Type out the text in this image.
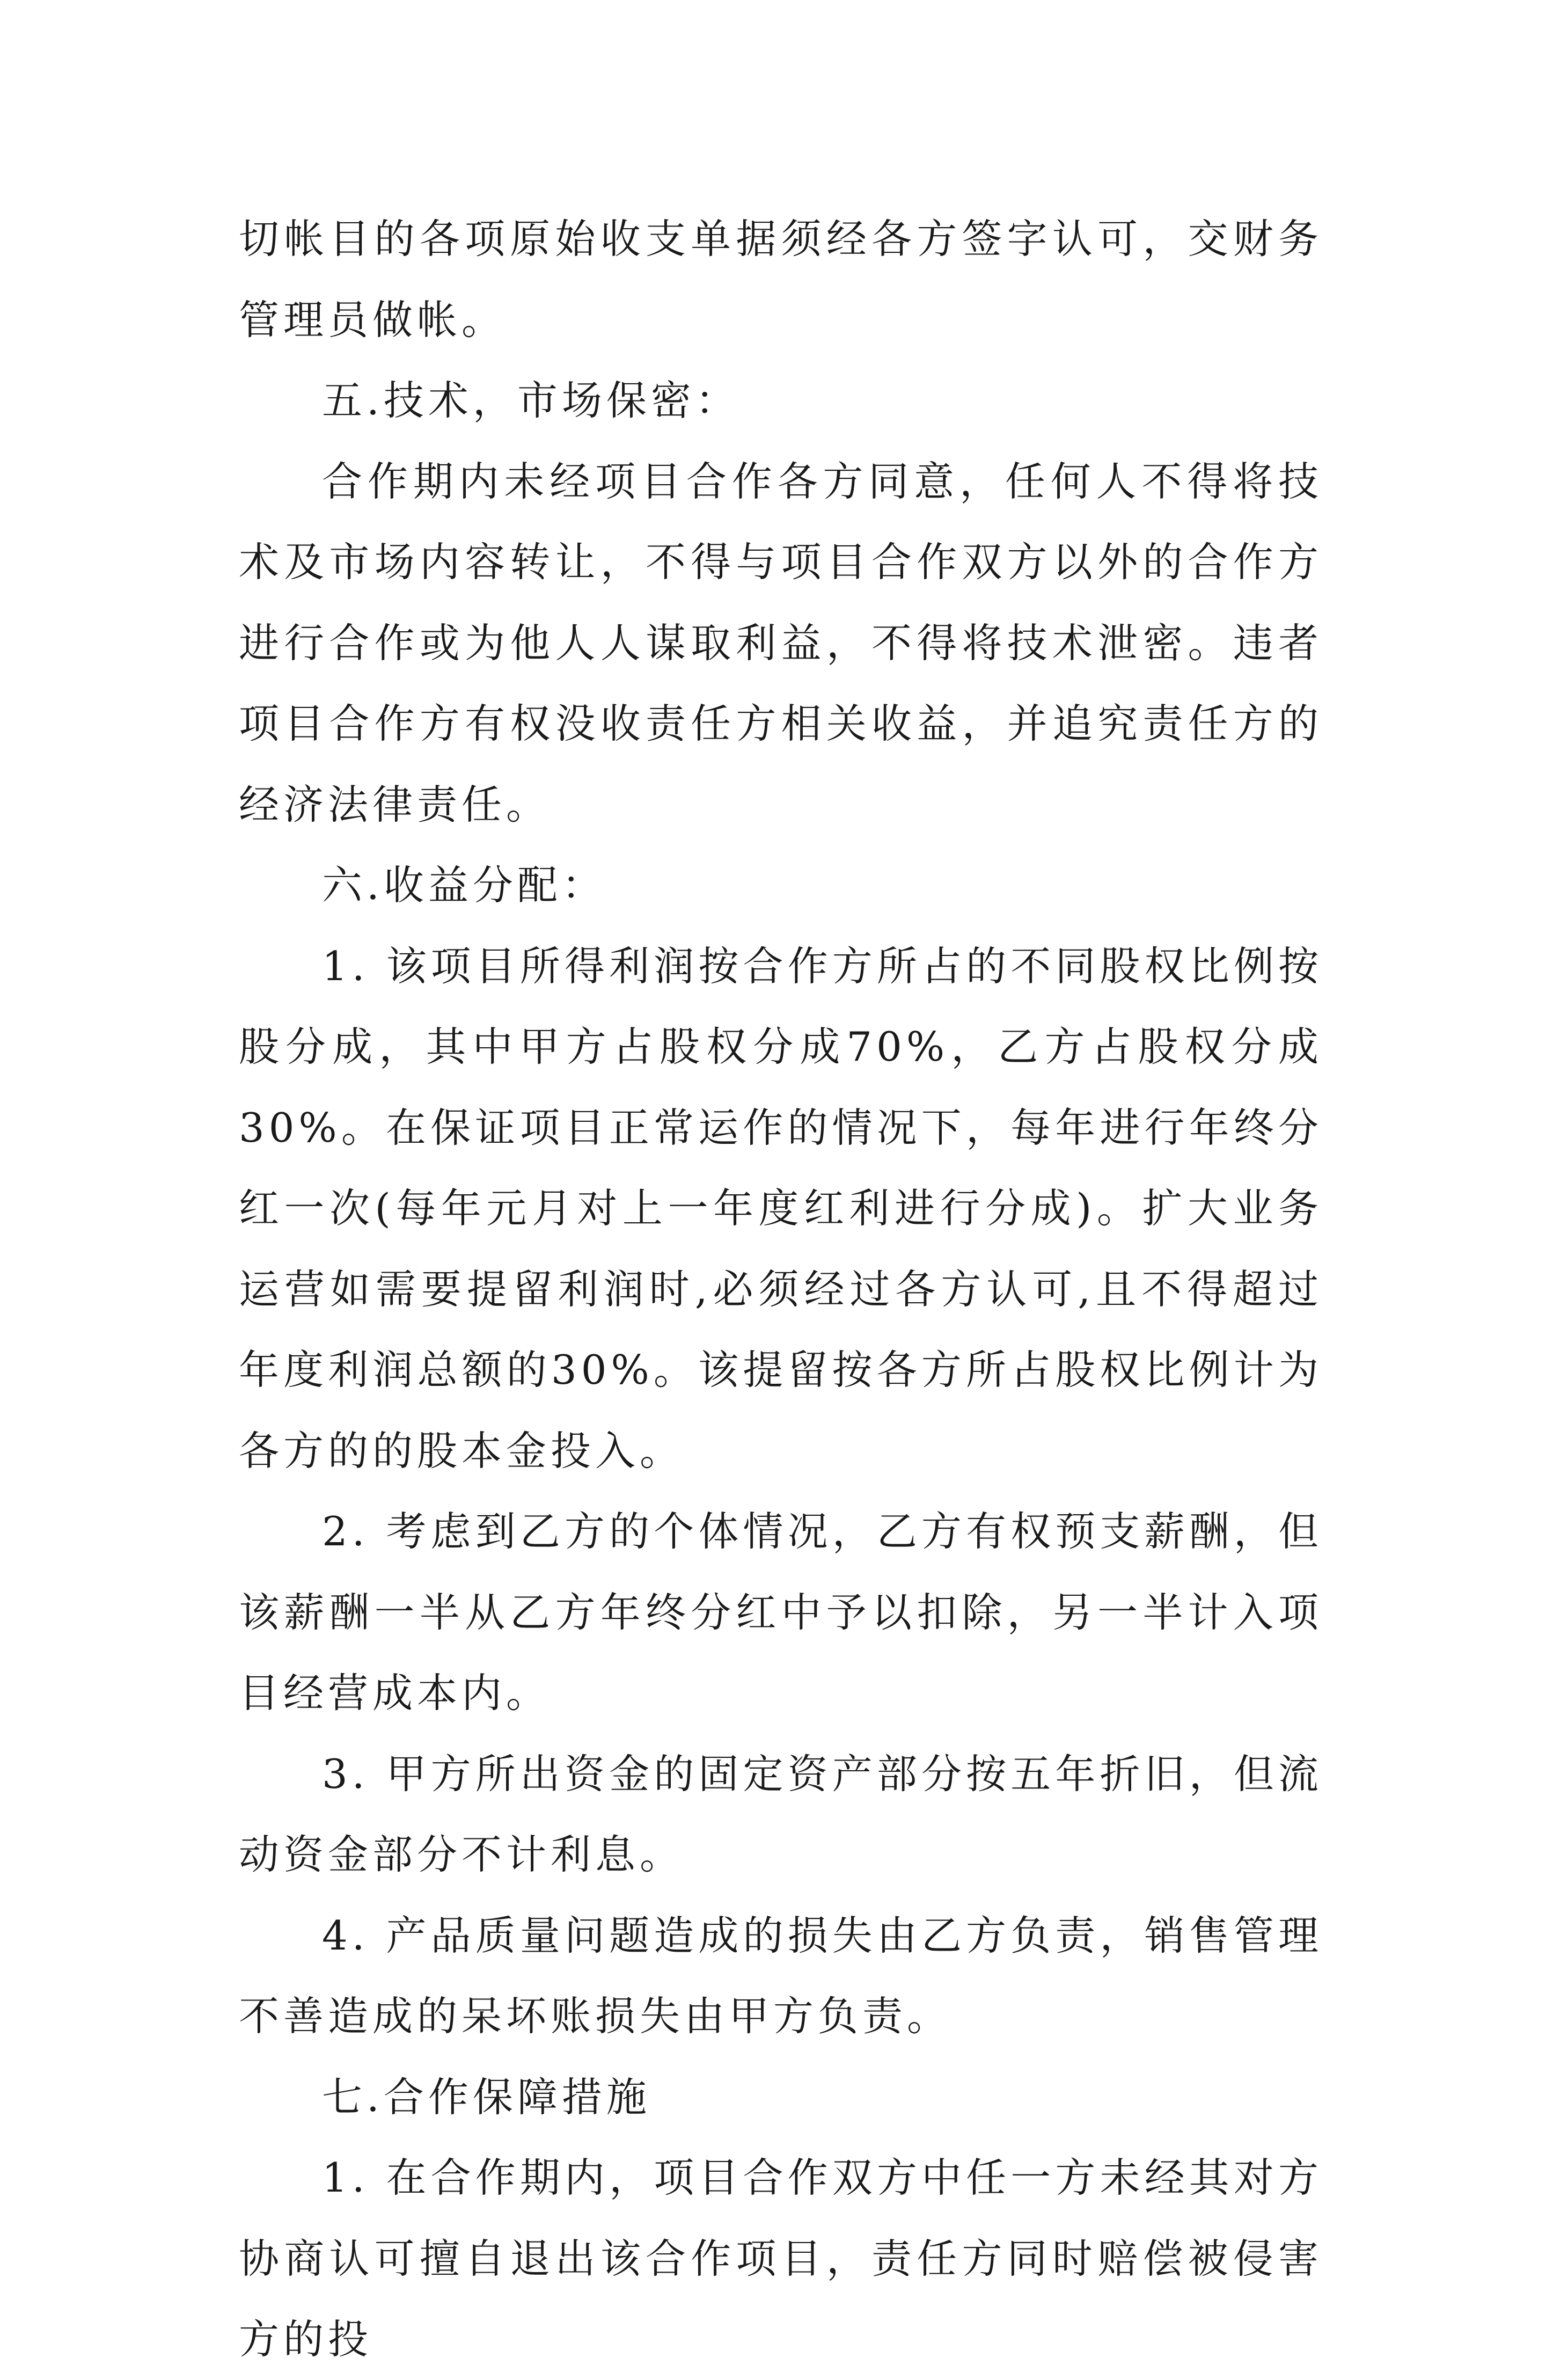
切帐目的各项原始收支单据须经各方签字认可，交财务管理员做帐。

五.技术，市场保密：

合作期内未经项目合作各方同意，任何人不得将技术及市场内容转让，不得与项目合作双方以外的合作方进行合作或为他人人谋取利益，不得将技术泄密。违者项目合作方有权没收责任方相关收益，并追究责任方的经济法律责任。

六.收益分配：

1. 该项目所得利润按合作方所占的不同股权比例按股分成，其中甲方占股权分成70%，乙方占股权分成30%。在保证项目正常运作的情况下，每年进行年终分红一次(每年元月对上一年度红利进行分成)。扩大业务运营如需要提留利润时,必须经过各方认可,且不得超过年度利润总额的30%。该提留按各方所占股权比例计为各方的的股本金投入。

2. 考虑到乙方的个体情况，乙方有权预支薪酬，但该薪酬一半从乙方年终分红中予以扣除，另一半计入项目经营成本内。

3. 甲方所出资金的固定资产部分按五年折旧，但流动资金部分不计利息。

4. 产品质量问题造成的损失由乙方负责，销售管理不善造成的呆坏账损失由甲方负责。

七.合作保障措施

1. 在合作期内，项目合作双方中任一方未经其对方协商认可擅自退出该合作项目，责任方同时赔偿被侵害方的投
